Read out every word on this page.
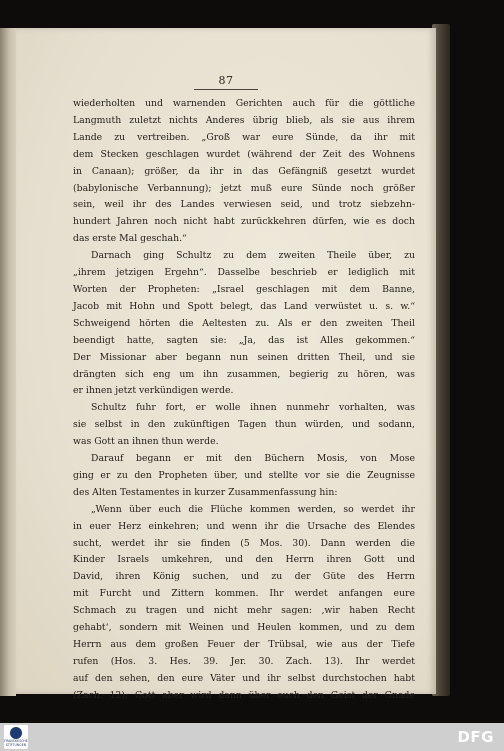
87
wiederholten und warnenden Gerichten auch für die göttliche
Langmuth zuletzt nichts Anderes übrig blieb, als sie aus ihrem
Lande zu vertreiben. „Groß war eure Sünde, da ihr mit
dem Stecken geschlagen wurdet (während der Zeit des Wohnens
in Canaan); größer, da ihr in das Gefängniß gesetzt wurdet
(babylonische Verbannung); jetzt muß eure Sünde noch größer
sein, weil ihr des Landes verwiesen seid, und trotz siebzehn-
hundert Jahren noch nicht habt zurückkehren dürfen, wie es doch
das erste Mal geschah.“
Darnach ging Schultz zu dem zweiten Theile über, zu
„ihrem jetzigen Ergehn“. Dasselbe beschrieb er lediglich mit
Worten der Propheten: „Israel geschlagen mit dem Banne,
Jacob mit Hohn und Spott belegt, das Land verwüstet u. s. w.“
Schweigend hörten die Aeltesten zu. Als er den zweiten Theil
beendigt hatte, sagten sie: „Ja, das ist Alles gekommen.“
Der Missionar aber begann nun seinen dritten Theil, und sie
drängten sich eng um ihn zusammen, begierig zu hören, was
er ihnen jetzt verkündigen werde.
Schultz fuhr fort, er wolle ihnen nunmehr vorhalten, was
sie selbst in den zukünftigen Tagen thun würden, und sodann,
was Gott an ihnen thun werde.
Darauf begann er mit den Büchern Mosis, von Mose
ging er zu den Propheten über, und stellte vor sie die Zeugnisse
des Alten Testamentes in kurzer Zusammenfassung hin:
„Wenn über euch die Flüche kommen werden, so werdet ihr
in euer Herz einkehren; und wenn ihr die Ursache des Elendes
sucht, werdet ihr sie finden (5 Mos. 30). Dann werden die
Kinder Israels umkehren, und den Herrn ihren Gott und
David, ihren König suchen, und zu der Güte des Herrn
mit Furcht und Zittern kommen. Ihr werdet anfangen eure
Schmach zu tragen und nicht mehr sagen: ‚wir haben Recht
gehabt‘, sondern mit Weinen und Heulen kommen, und zu dem
Herrn aus dem großen Feuer der Trübsal, wie aus der Tiefe
rufen (Hos. 3. Hes. 39. Jer. 30. Zach. 13). Ihr werdet
auf den sehen, den eure Väter und ihr selbst durchstochen habt
(Zach. 12); Gott aber wird dann über euch den Geist der Gnade
FRANCKESCHE STIFTUNGEN	DFG
